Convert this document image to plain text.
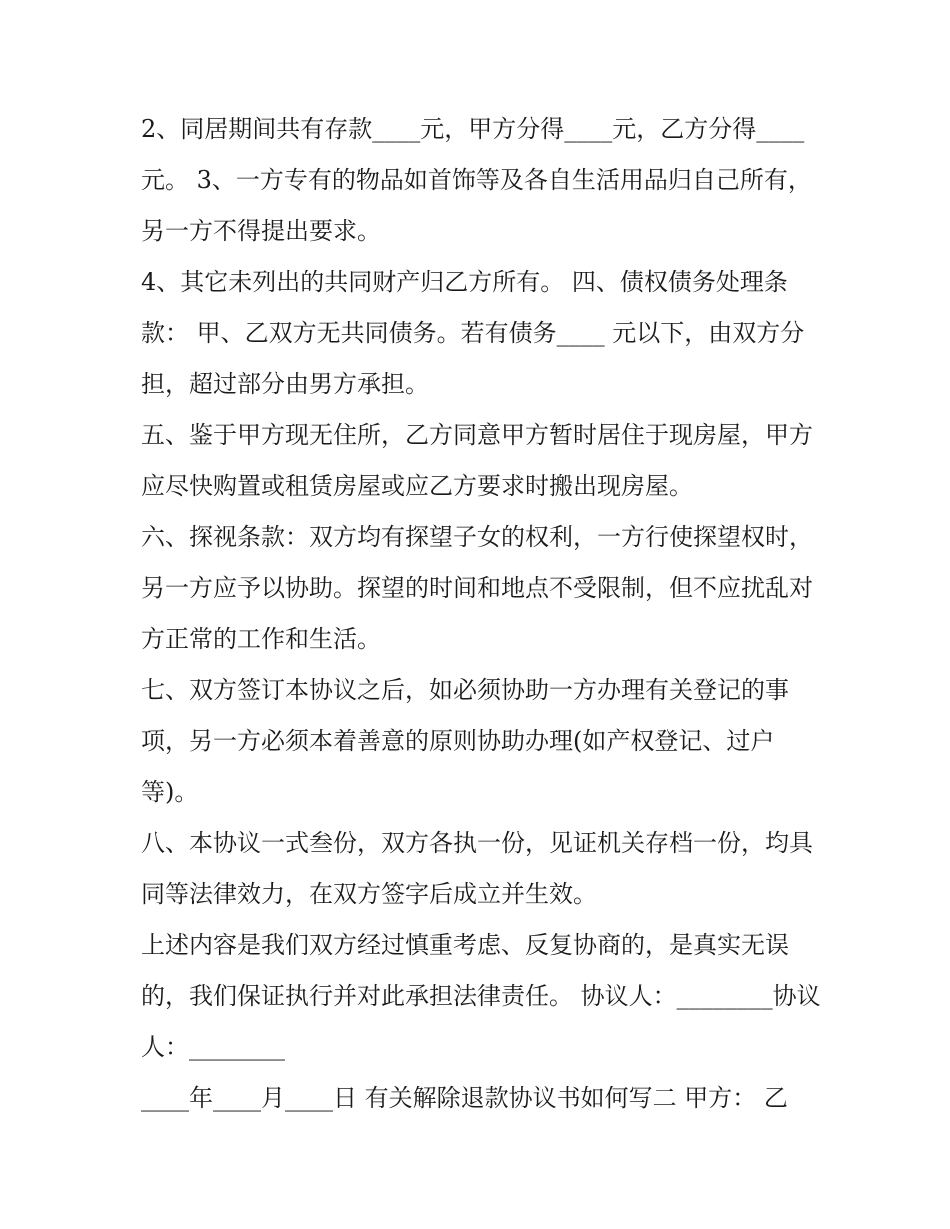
2、同居期间共有存款____元，甲方分得____元，乙方分得____元。 3、一方专有的物品如首饰等及各自生活用品归自己所有，另一方不得提出要求。

4、其它未列出的共同财产归乙方所有。 四、债权债务处理条款： 甲、乙双方无共同债务。若有债务____ 元以下，由双方分担，超过部分由男方承担。

五、鉴于甲方现无住所，乙方同意甲方暂时居住于现房屋，甲方应尽快购置或租赁房屋或应乙方要求时搬出现房屋。

六、探视条款：双方均有探望子女的权利，一方行使探望权时，另一方应予以协助。探望的时间和地点不受限制，但不应扰乱对方正常的工作和生活。

七、双方签订本协议之后，如必须协助一方办理有关登记的事项，另一方必须本着善意的原则协助办理(如产权登记、过户等)。

八、本协议一式叁份，双方各执一份，见证机关存档一份，均具同等法律效力，在双方签字后成立并生效。

上述内容是我们双方经过慎重考虑、反复协商的，是真实无误的，我们保证执行并对此承担法律责任。 协议人：________协议人：________

____年____月____日 有关解除退款协议书如何写二 甲方： 乙
